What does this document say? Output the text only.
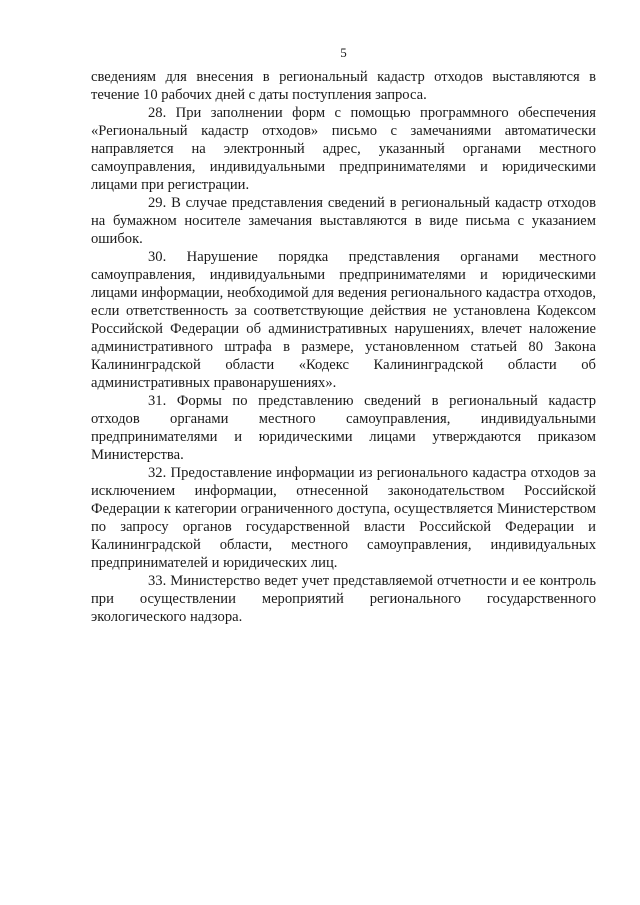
5

сведениям для внесения в региональный кадастр отходов выставляются в течение 10 рабочих дней с даты поступления запроса.

28. При заполнении форм с помощью программного обеспечения «Региональный кадастр отходов» письмо с замечаниями автоматически направляется на электронный адрес, указанный органами местного самоуправления, индивидуальными предпринимателями и юридическими лицами при регистрации.

29. В случае представления сведений в региональный кадастр отходов на бумажном носителе замечания выставляются в виде письма с указанием ошибок.

30. Нарушение порядка представления органами местного самоуправления, индивидуальными предпринимателями и юридическими лицами информации, необходимой для ведения регионального кадастра отходов, если ответственность за соответствующие действия не установлена Кодексом Российской Федерации об административных нарушениях, влечет наложение административного штрафа в размере, установленном статьей 80 Закона Калининградской области «Кодекс Калининградской области об административных правонарушениях».

31. Формы по представлению сведений в региональный кадастр отходов органами местного самоуправления, индивидуальными предпринимателями и юридическими лицами утверждаются приказом Министерства.

32. Предоставление информации из регионального кадастра отходов за исключением информации, отнесенной законодательством Российской Федерации к категории ограниченного доступа, осуществляется Министерством по запросу органов государственной власти Российской Федерации и Калининградской области, местного самоуправления, индивидуальных предпринимателей и юридических лиц.

33. Министерство ведет учет представляемой отчетности и ее контроль при осуществлении мероприятий регионального государственного экологического надзора.
